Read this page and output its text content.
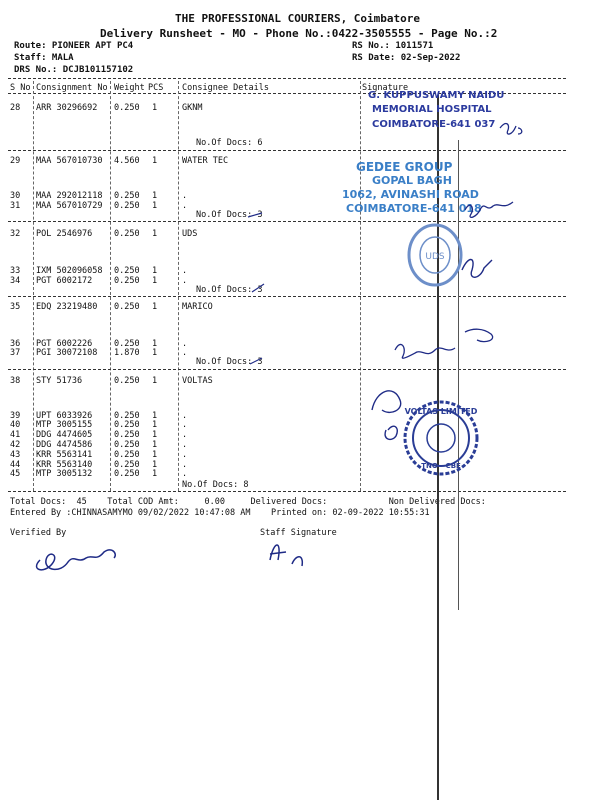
THE PROFESSIONAL COURIERS, Coimbatore
Delivery Runsheet - MO - Phone No.:0422-3505555 - Page No.:2
Route: PIONEER APT PC4
Staff: MALA
DRS No.: DCJB101157102
RS No.: 1011571
RS Date: 02-Sep-2022
S No Consignment No Weight PCS Consignee Details	Signature
28 ARR 30296692 0.250 1	GKNM
No.Of Docs: 6
29 MAA 567010730 4.560 1	WATER TEC
30 MAA 292012118 0.250 1	.
31 MAA 567010729 0.250 1	.
No.Of Docs: 3
32 POL 2546976	0.250 1	UDS
33 IXM 502096058 0.250 1	.
34 PGT 6002172	0.250 1	.
No.Of Docs: 3
35 EDQ 23219480 0.250 1	MARICO
36 PGT 6002226	0.250 1	.
37 PGI 30072108 1.870 1	.
No.Of Docs: 3
38 STY 51736	0.250 1	VOLTAS
39 UPT 6033926	0.250 1	.
40 MTP 3005155	0.250 1	.
41 DDG 4474605	0.250 1	.
42 DDG 4474586	0.250 1	.
43 KRR 5563141	0.250 1	.
44 KRR 5563140	0.250 1	.
45 MTP 3005132	0.250 1	.
No.Of Docs: 8
Total Docs:  45    Total COD Amt:     0.00     Delivered Docs:            Non Delivered Docs:
Entered By :CHINNASAMYMO 09/02/2022 10:47:08 AM    Printed on: 02-09-2022 10:55:31
Verified By	Staff Signature
G. KUPPUSWAMY NAIDU
MEMORIAL HOSPITAL
COIMBATORE-641 037
GEDEE GROUP
GOPAL BAGH
1062, AVINASHI ROAD
COIMBATORE-641 018
UDS
VOLTAS LIMITED
TNO - CBE
